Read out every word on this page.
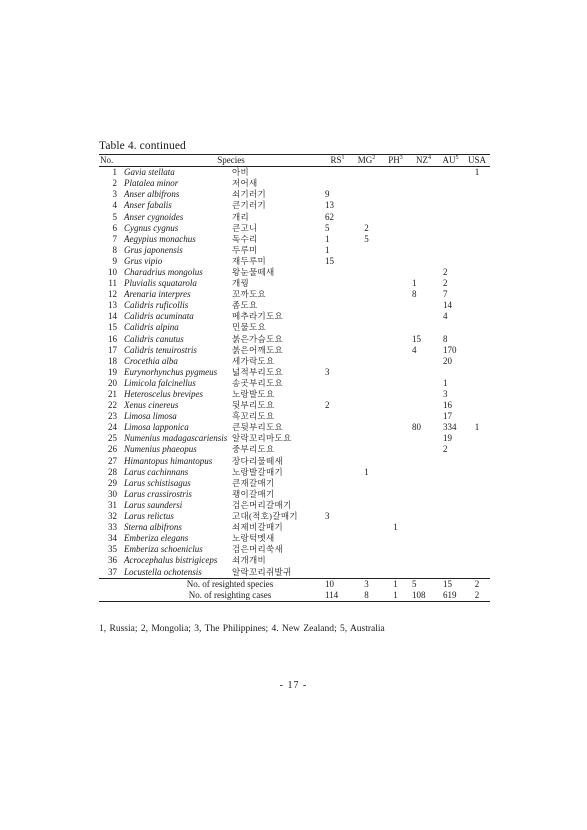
Table 4. continued
No.	Species		$RS^1$	$MG^2$	$PH^3$	$NZ^4$	$AU^5$	USA
1	Gavia stellata	아비						1
2	Platalea minor	저어새						
3	Anser albifrons	쇠기러기	9					
4	Anser fabalis	큰기러기	13					
5	Anser cygnoides	개리	62					
6	Cygnus cygnus	큰고니	5	2				
7	Aegypius monachus	독수리	1	5				
8	Grus japonensis	두루미	1					
9	Grus vipio	재두루미	15					
10	Charadrius mongolus	왕눈물떼새					2	
11	Pluvialis squatarola	개꿩				1	2	
12	Arenaria interpres	꼬까도요				8	7	
13	Calidris ruficollis	좀도요					14	
14	Calidris acuminata	메추라기도요					4	
15	Calidris alpina	민물도요						
16	Calidris canutus	붉은가슴도요				15	8	
17	Calidris tenuirostris	붉은어깨도요				4	170	
18	Crocethia alba	세가락도요					20	
19	Eurynorhynchus pygmeus	넓적부리도요	3					
20	Limicola falcinellus	송곳부리도요					1	
21	Heteroscelus brevipes	노랑발도요					3	
22	Xenus cinereus	뒷부리도요	2				16	
23	Limosa limosa	흑꼬리도요					17	
24	Limosa lapponica	큰뒷부리도요				80	334	1
25	Numenius madagascariensis	알락꼬리마도요					19	
26	Numenius phaeopus	중부리도요					2	
27	Himantopus himantopus	장다리물떼새						
28	Larus cachinnans	노랑발갈매기		1				
29	Larus schistisagus	큰재갈매기						
30	Larus crassirostris	괭이갈매기						
31	Larus saundersi	검은머리갈매기						
32	Larus relictus	고대(적호)갈매기	3					
33	Sterna albifrons	쇠제비갈매기			1			
34	Emberiza elegans	노랑턱멧새						
35	Emberiza schoeniclus	검은머리쑥새						
36	Acrocephalus bistrigiceps	쇠개개비						
37	Locustella ochotensis	알락꼬리쥐발귀						
No. of resighted species			10	3	1	5	15	2
No. of resighting cases			114	8	1	108	619	2
1, Russia; 2, Mongolia; 3, The Philippines; 4. New Zealand; 5, Australia
- 17 -
